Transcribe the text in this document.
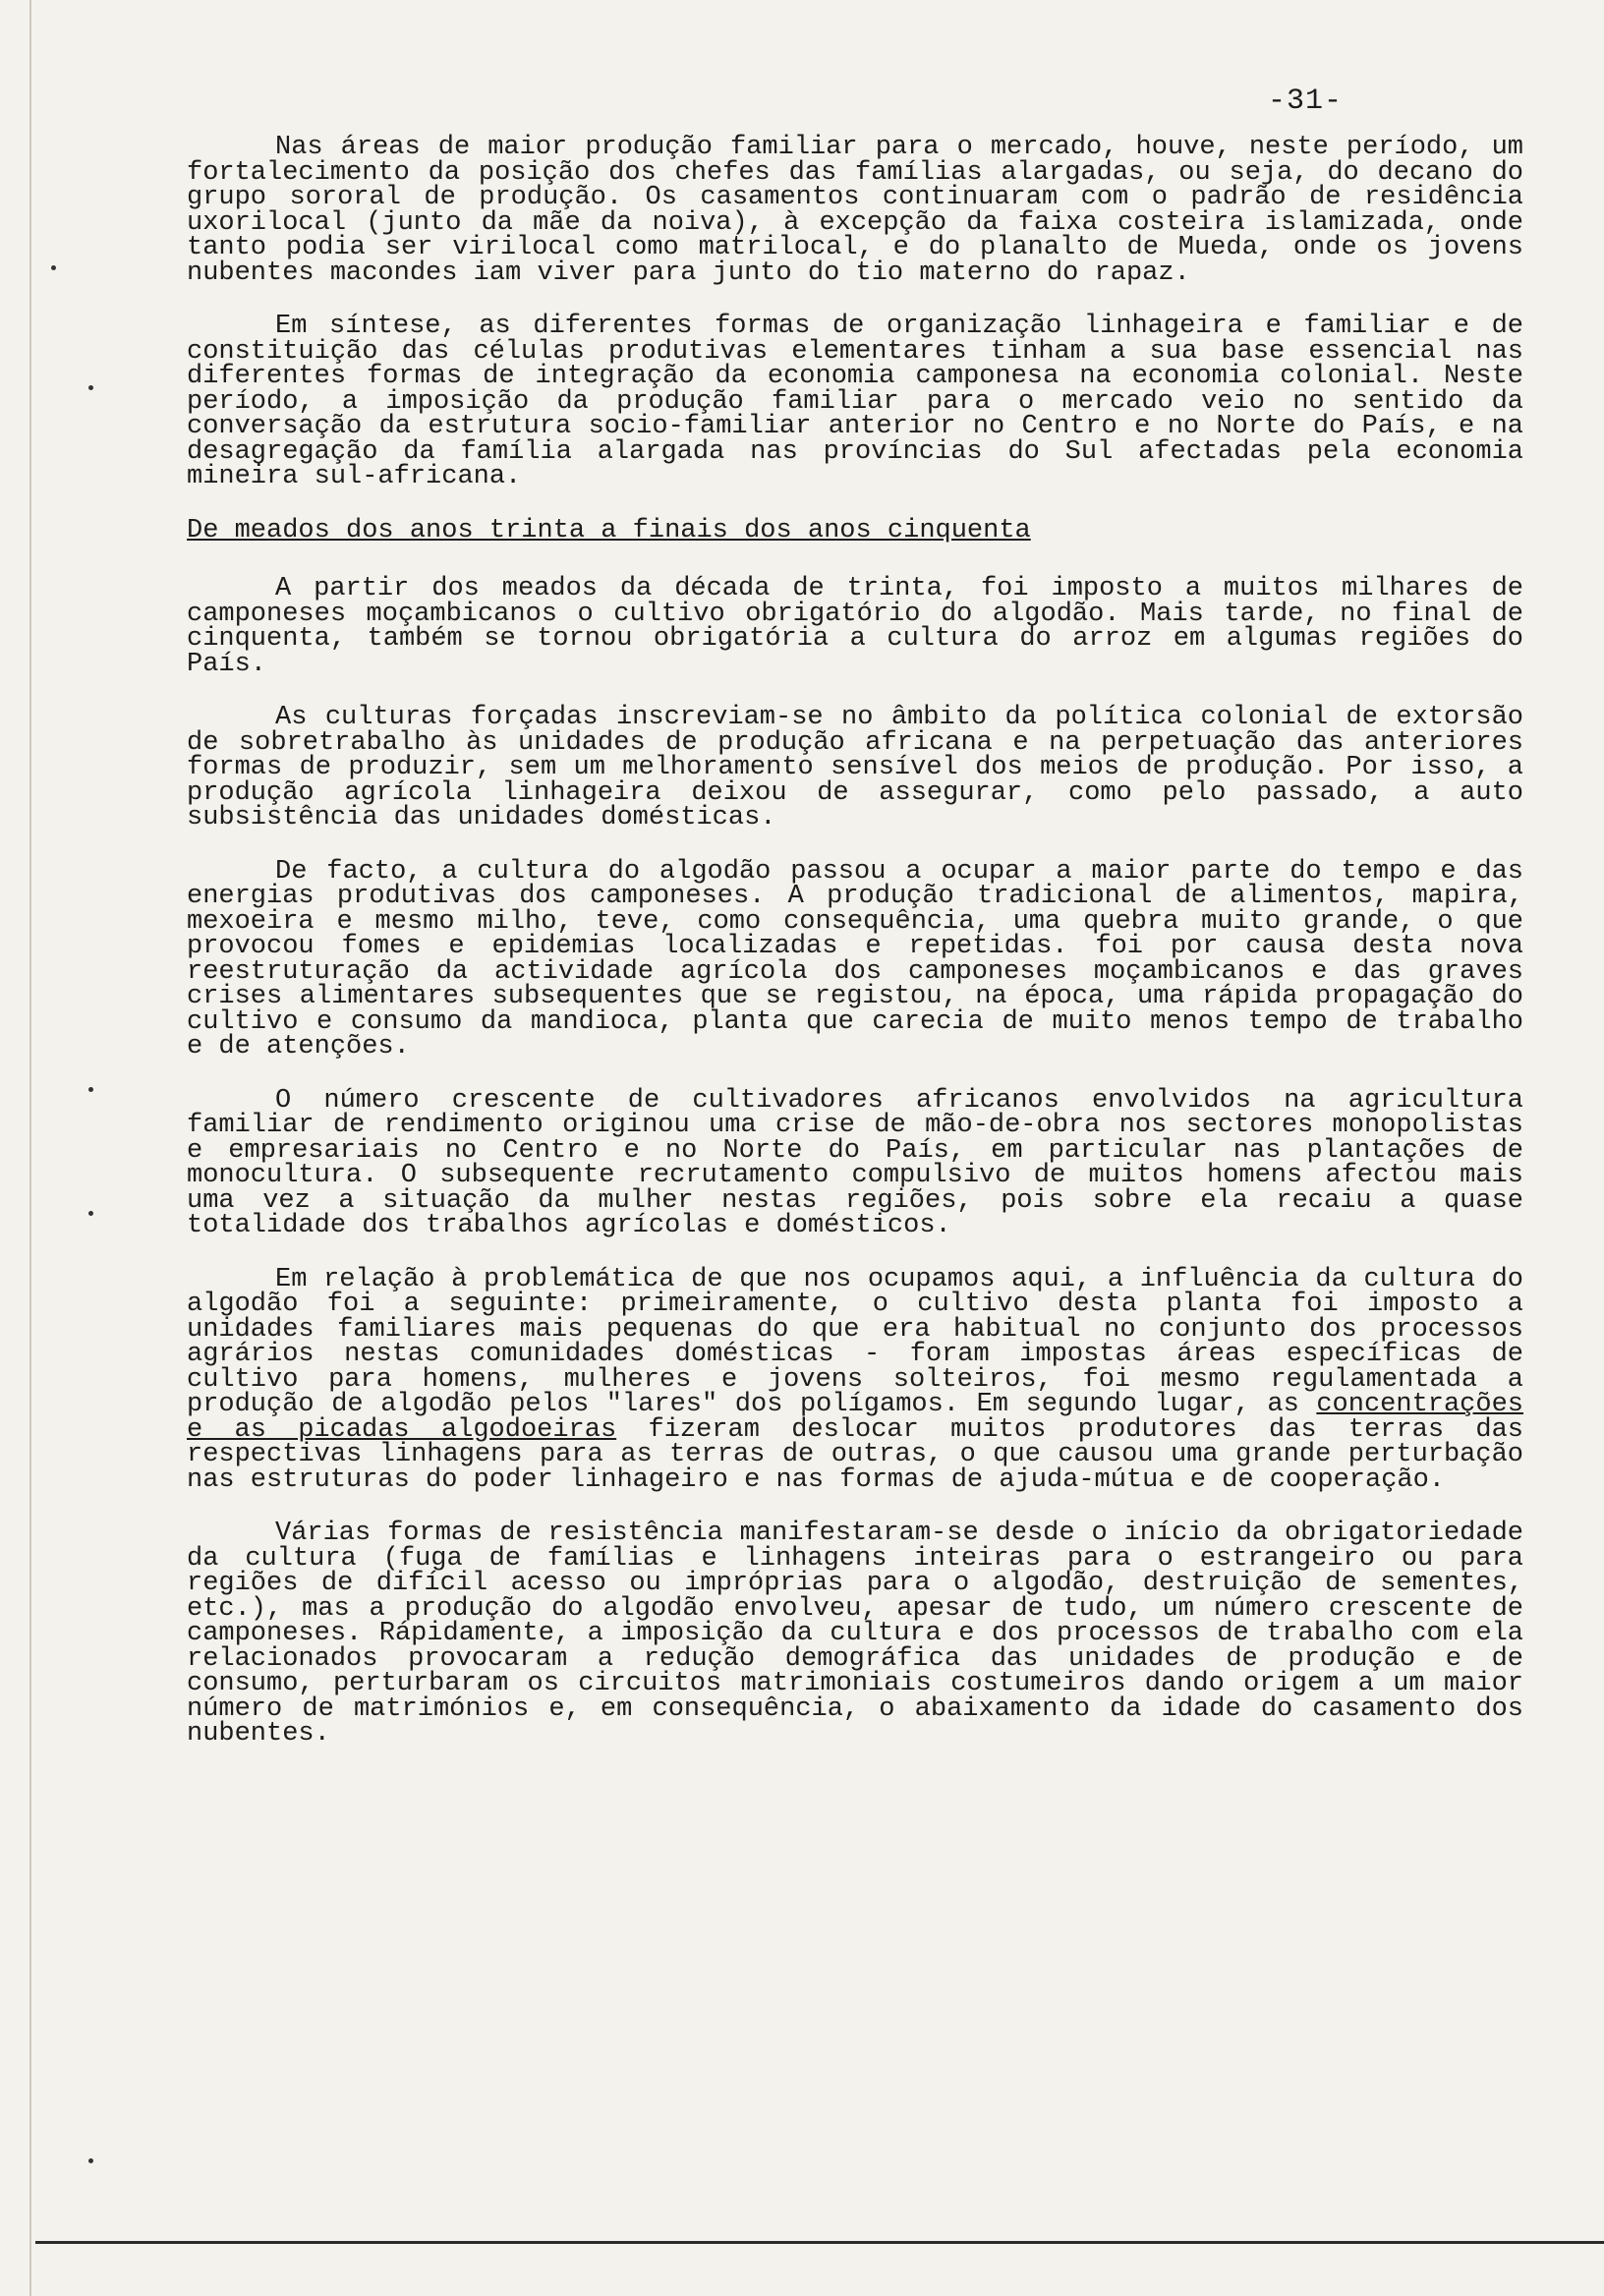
-31-

Nas áreas de maior produção familiar para o mercado, houve, neste período, um fortalecimento da posição dos chefes das famílias alargadas, ou seja, do decano do grupo sororal de produção. Os casamentos continuaram com o padrão de residência uxorilocal (junto da mãe da noiva), à excepção da faixa costeira islamizada, onde tanto podia ser virilocal como matrilocal, e do planalto de Mueda, onde os jovens nubentes macondes iam viver para junto do tio materno do rapaz.

Em síntese, as diferentes formas de organização linhageira e familiar e de constituição das células produtivas elementares tinham a sua base essencial nas diferentes formas de integração da economia camponesa na economia colonial. Neste período, a imposição da produção familiar para o mercado veio no sentido da conversação da estrutura socio-familiar anterior no Centro e no Norte do País, e na desagregação da família alargada nas províncias do Sul afectadas pela economia mineira sul-africana.

De meados dos anos trinta a finais dos anos cinquenta

A partir dos meados da década de trinta, foi imposto a muitos milhares de camponeses moçambicanos o cultivo obrigatório do algodão. Mais tarde, no final de cinquenta, também se tornou obrigatória a cultura do arroz em algumas regiões do País.

As culturas forçadas inscreviam-se no âmbito da política colonial de extorsão de sobretrabalho às unidades de produção africana e na perpetuação das anteriores formas de produzir, sem um melhoramento sensível dos meios de produção. Por isso, a produção agrícola linhageira deixou de assegurar, como pelo passado, a auto subsistência das unidades domésticas.

De facto, a cultura do algodão passou a ocupar a maior parte do tempo e das energias produtivas dos camponeses. A produção tradicional de alimentos, mapira, mexoeira e mesmo milho, teve, como consequência, uma quebra muito grande, o que provocou fomes e epidemias localizadas e repetidas. foi por causa desta nova reestruturação da actividade agrícola dos camponeses moçambicanos e das graves crises alimentares subsequentes que se registou, na época, uma rápida propagação do cultivo e consumo da mandioca, planta que carecia de muito menos tempo de trabalho e de atenções.

O número crescente de cultivadores africanos envolvidos na agricultura familiar de rendimento originou uma crise de mão-de-obra nos sectores monopolistas e empresariais no Centro e no Norte do País, em particular nas plantações de monocultura. O subsequente recrutamento compulsivo de muitos homens afectou mais uma vez a situação da mulher nestas regiões, pois sobre ela recaiu a quase totalidade dos trabalhos agrícolas e domésticos.

Em relação à problemática de que nos ocupamos aqui, a influência da cultura do algodão foi a seguinte: primeiramente, o cultivo desta planta foi imposto a unidades familiares mais pequenas do que era habitual no conjunto dos processos agrários nestas comunidades domésticas - foram impostas áreas específicas de cultivo para homens, mulheres e jovens solteiros, foi mesmo regulamentada a produção de algodão pelos "lares" dos polígamos. Em segundo lugar, as concentrações e as picadas algodoeiras fizeram deslocar muitos produtores das terras das respectivas linhagens para as terras de outras, o que causou uma grande perturbação nas estruturas do poder linhageiro e nas formas de ajuda-mútua e de cooperação.

Várias formas de resistência manifestaram-se desde o início da obrigatoriedade da cultura (fuga de famílias e linhagens inteiras para o estrangeiro ou para regiões de difícil acesso ou impróprias para o algodão, destruição de sementes, etc.), mas a produção do algodão envolveu, apesar de tudo, um número crescente de camponeses. Rápidamente, a imposição da cultura e dos processos de trabalho com ela relacionados provocaram a redução demográfica das unidades de produção e de consumo, perturbaram os circuitos matrimoniais costumeiros dando origem a um maior número de matrimónios e, em consequência, o abaixamento da idade do casamento dos nubentes.
